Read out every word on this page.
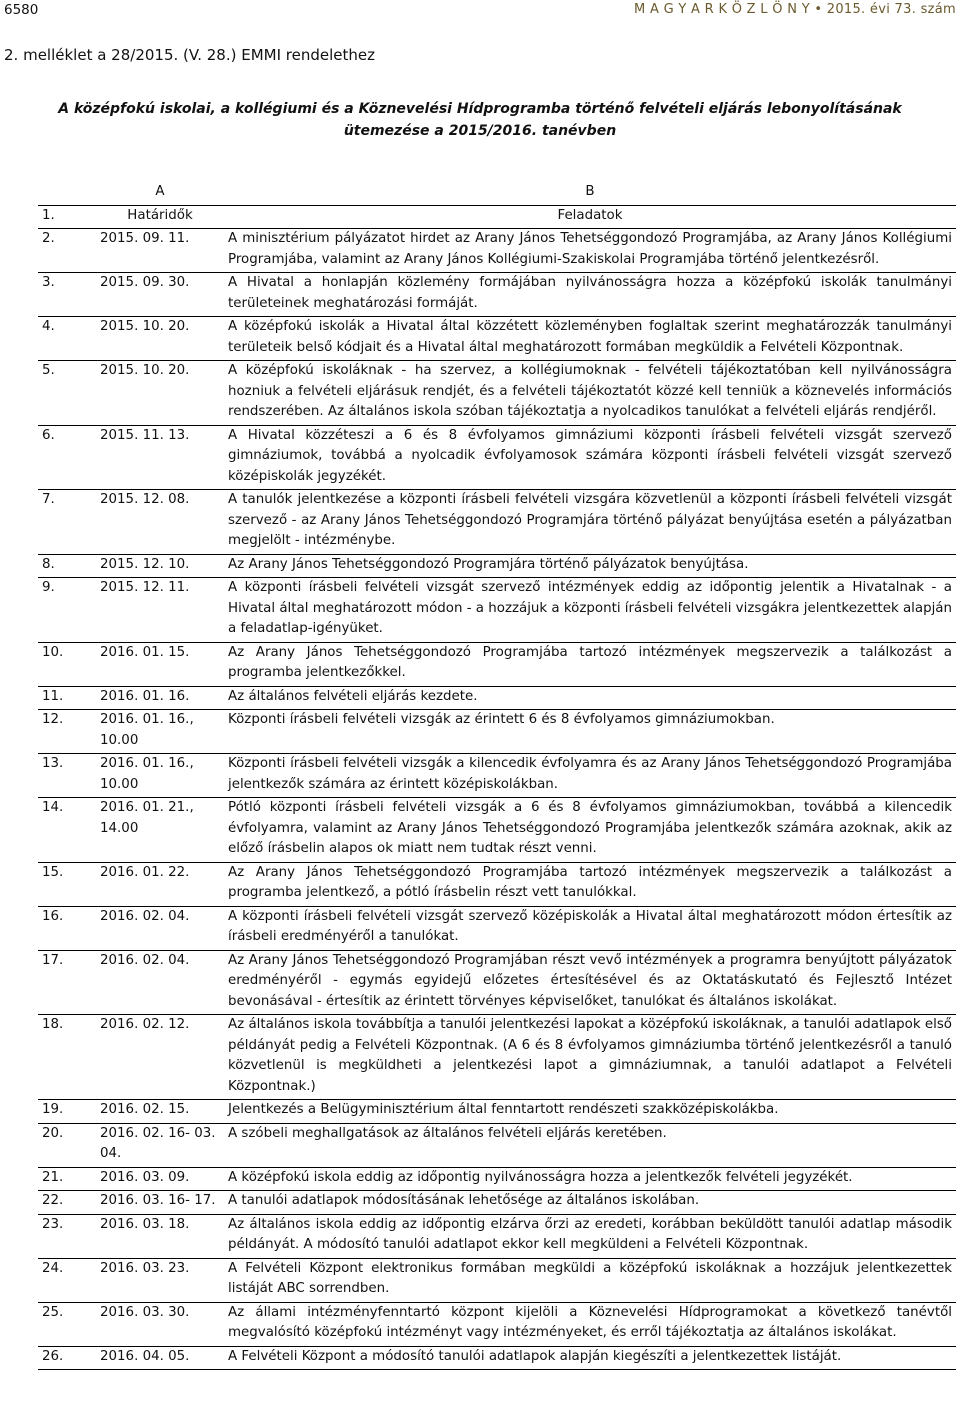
6580	M A G Y A R K Ö Z L Ö N Y • 2015. évi 73. szám
2. melléklet a 28/2015. (V. 28.) EMMI rendelethez
A középfokú iskolai, a kollégiumi és a Köznevelési Hídprogramba történő felvételi eljárás lebonyolításának
ütemezése a 2015/2016. tanévben
	A	B
1.	Határidők	Feladatok
2.	2015. 09. 11.	A minisztérium pályázatot hirdet az Arany János Tehetséggondozó Programjába, az Arany János Kollégiumi Programjába, valamint az Arany János Kollégiumi-Szakiskolai Programjába történő jelentkezésről.
3.	2015. 09. 30.	A Hivatal a honlapján közlemény formájában nyilvánosságra hozza a középfokú iskolák tanulmányi területeinek meghatározási formáját.
4.	2015. 10. 20.	A középfokú iskolák a Hivatal által közzétett közleményben foglaltak szerint meghatározzák tanulmányi területeik belső kódjait és a Hivatal által meghatározott formában megküldik a Felvételi Központnak.
5.	2015. 10. 20.	A középfokú iskoláknak - ha szervez, a kollégiumoknak - felvételi tájékoztatóban kell nyilvánosságra hozniuk a felvételi eljárásuk rendjét, és a felvételi tájékoztatót közzé kell tenniük a köznevelés információs rendszerében. Az általános iskola szóban tájékoztatja a nyolcadikos tanulókat a felvételi eljárás rendjéről.
6.	2015. 11. 13.	A Hivatal közzéteszi a 6 és 8 évfolyamos gimnáziumi központi írásbeli felvételi vizsgát szervező gimnáziumok, továbbá a nyolcadik évfolyamosok számára központi írásbeli felvételi vizsgát szervező középiskolák jegyzékét.
7.	2015. 12. 08.	A tanulók jelentkezése a központi írásbeli felvételi vizsgára közvetlenül a központi írásbeli felvételi vizsgát szervező - az Arany János Tehetséggondozó Programjára történő pályázat benyújtása esetén a pályázatban megjelölt - intézménybe.
8.	2015. 12. 10.	Az Arany János Tehetséggondozó Programjára történő pályázatok benyújtása.
9.	2015. 12. 11.	A központi írásbeli felvételi vizsgát szervező intézmények eddig az időpontig jelentik a Hivatalnak - a Hivatal által meghatározott módon - a hozzájuk a központi írásbeli felvételi vizsgákra jelentkezettek alapján a feladatlap-igényüket.
10.	2016. 01. 15.	Az Arany János Tehetséggondozó Programjába tartozó intézmények megszervezik a találkozást a programba jelentkezőkkel.
11.	2016. 01. 16.	Az általános felvételi eljárás kezdete.
12.	2016. 01. 16., 10.00	Központi írásbeli felvételi vizsgák az érintett 6 és 8 évfolyamos gimnáziumokban.
13.	2016. 01. 16., 10.00	Központi írásbeli felvételi vizsgák a kilencedik évfolyamra és az Arany János Tehetséggondozó Programjába jelentkezők számára az érintett középiskolákban.
14.	2016. 01. 21., 14.00	Pótló központi írásbeli felvételi vizsgák a 6 és 8 évfolyamos gimnáziumokban, továbbá a kilencedik évfolyamra, valamint az Arany János Tehetséggondozó Programjába jelentkezők számára azoknak, akik az előző írásbelin alapos ok miatt nem tudtak részt venni.
15.	2016. 01. 22.	Az Arany János Tehetséggondozó Programjába tartozó intézmények megszervezik a találkozást a programba jelentkező, a pótló írásbelin részt vett tanulókkal.
16.	2016. 02. 04.	A központi írásbeli felvételi vizsgát szervező középiskolák a Hivatal által meghatározott módon értesítik az írásbeli eredményéről a tanulókat.
17.	2016. 02. 04.	Az Arany János Tehetséggondozó Programjában részt vevő intézmények a programra benyújtott pályázatok eredményéről - egymás egyidejű előzetes értesítésével és az Oktatáskutató és Fejlesztő Intézet bevonásával - értesítik az érintett törvényes képviselőket, tanulókat és általános iskolákat.
18.	2016. 02. 12.	Az általános iskola továbbítja a tanulói jelentkezési lapokat a középfokú iskoláknak, a tanulói adatlapok első példányát pedig a Felvételi Központnak. (A 6 és 8 évfolyamos gimnáziumba történő jelentkezésről a tanuló közvetlenül is megküldheti a jelentkezési lapot a gimnáziumnak, a tanulói adatlapot a Felvételi Központnak.)
19.	2016. 02. 15.	Jelentkezés a Belügyminisztérium által fenntartott rendészeti szakközépiskolákba.
20.	2016. 02. 16- 03. 04.	A szóbeli meghallgatások az általános felvételi eljárás keretében.
21.	2016. 03. 09.	A középfokú iskola eddig az időpontig nyilvánosságra hozza a jelentkezők felvételi jegyzékét.
22.	2016. 03. 16- 17.	A tanulói adatlapok módosításának lehetősége az általános iskolában.
23.	2016. 03. 18.	Az általános iskola eddig az időpontig elzárva őrzi az eredeti, korábban beküldött tanulói adatlap második példányát. A módosító tanulói adatlapot ekkor kell megküldeni a Felvételi Központnak.
24.	2016. 03. 23.	A Felvételi Központ elektronikus formában megküldi a középfokú iskoláknak a hozzájuk jelentkezettek listáját ABC sorrendben.
25.	2016. 03. 30.	Az állami intézményfenntartó központ kijelöli a Köznevelési Hídprogramokat a következő tanévtől megvalósító középfokú intézményt vagy intézményeket, és erről tájékoztatja az általános iskolákat.
26.	2016. 04. 05.	A Felvételi Központ a módosító tanulói adatlapok alapján kiegészíti a jelentkezettek listáját.
